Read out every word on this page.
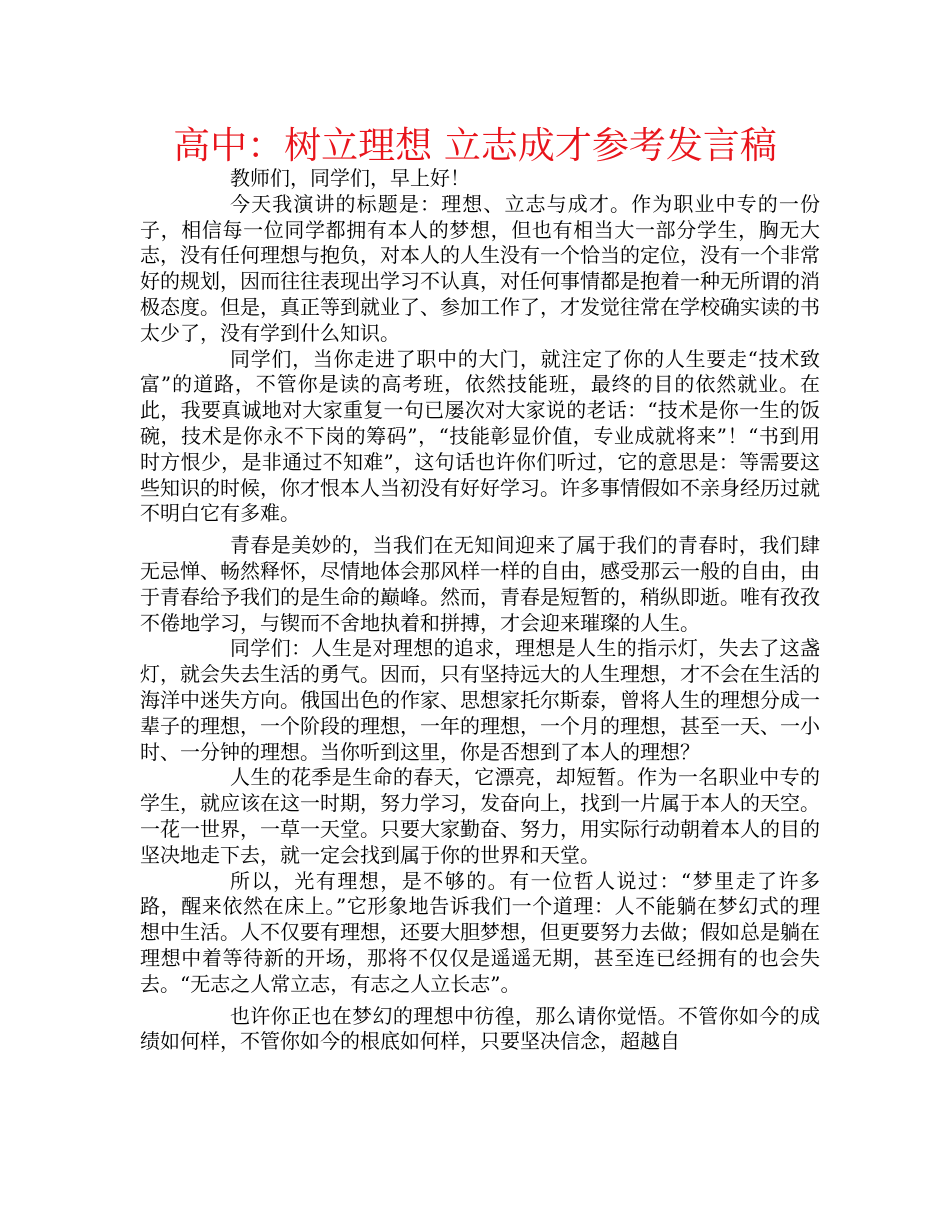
高中：树立理想 立志成才参考发言稿

教师们，同学们，早上好！

今天我演讲的标题是：理想、立志与成才。作为职业中专的一份子，相信每一位同学都拥有本人的梦想，但也有相当大一部分学生，胸无大志，没有任何理想与抱负，对本人的人生没有一个恰当的定位，没有一个非常好的规划，因而往往表现出学习不认真，对任何事情都是抱着一种无所谓的消极态度。但是，真正等到就业了、参加工作了，才发觉往常在学校确实读的书太少了，没有学到什么知识。

同学们，当你走进了职中的大门，就注定了你的人生要走“技术致富”的道路，不管你是读的高考班，依然技能班，最终的目的依然就业。在此，我要真诚地对大家重复一句已屡次对大家说的老话：“技术是你一生的饭碗，技术是你永不下岗的筹码”，“技能彰显价值，专业成就将来”！“书到用时方恨少，是非通过不知难”，这句话也许你们听过，它的意思是：等需要这些知识的时候，你才恨本人当初没有好好学习。许多事情假如不亲身经历过就不明白它有多难。

青春是美妙的，当我们在无知间迎来了属于我们的青春时，我们肆无忌惮、畅然释怀，尽情地体会那风样一样的自由，感受那云一般的自由，由于青春给予我们的是生命的巅峰。然而，青春是短暂的，稍纵即逝。唯有孜孜不倦地学习，与锲而不舍地执着和拼搏，才会迎来璀璨的人生。

同学们：人生是对理想的追求，理想是人生的指示灯，失去了这盏灯，就会失去生活的勇气。因而，只有坚持远大的人生理想，才不会在生活的海洋中迷失方向。俄国出色的作家、思想家托尔斯泰，曾将人生的理想分成一辈子的理想，一个阶段的理想，一年的理想，一个月的理想，甚至一天、一小时、一分钟的理想。当你听到这里，你是否想到了本人的理想？

人生的花季是生命的春天，它漂亮，却短暂。作为一名职业中专的学生，就应该在这一时期，努力学习，发奋向上，找到一片属于本人的天空。一花一世界，一草一天堂。只要大家勤奋、努力，用实际行动朝着本人的目的坚决地走下去，就一定会找到属于你的世界和天堂。

所以，光有理想，是不够的。有一位哲人说过：“梦里走了许多路，醒来依然在床上。”它形象地告诉我们一个道理：人不能躺在梦幻式的理想中生活。人不仅要有理想，还要大胆梦想，但更要努力去做；假如总是躺在理想中着等待新的开场，那将不仅仅是遥遥无期，甚至连已经拥有的也会失去。“无志之人常立志，有志之人立长志”。

也许你正也在梦幻的理想中彷徨，那么请你觉悟。不管你如今的成绩如何样，不管你如今的根底如何样，只要坚决信念，超越自
